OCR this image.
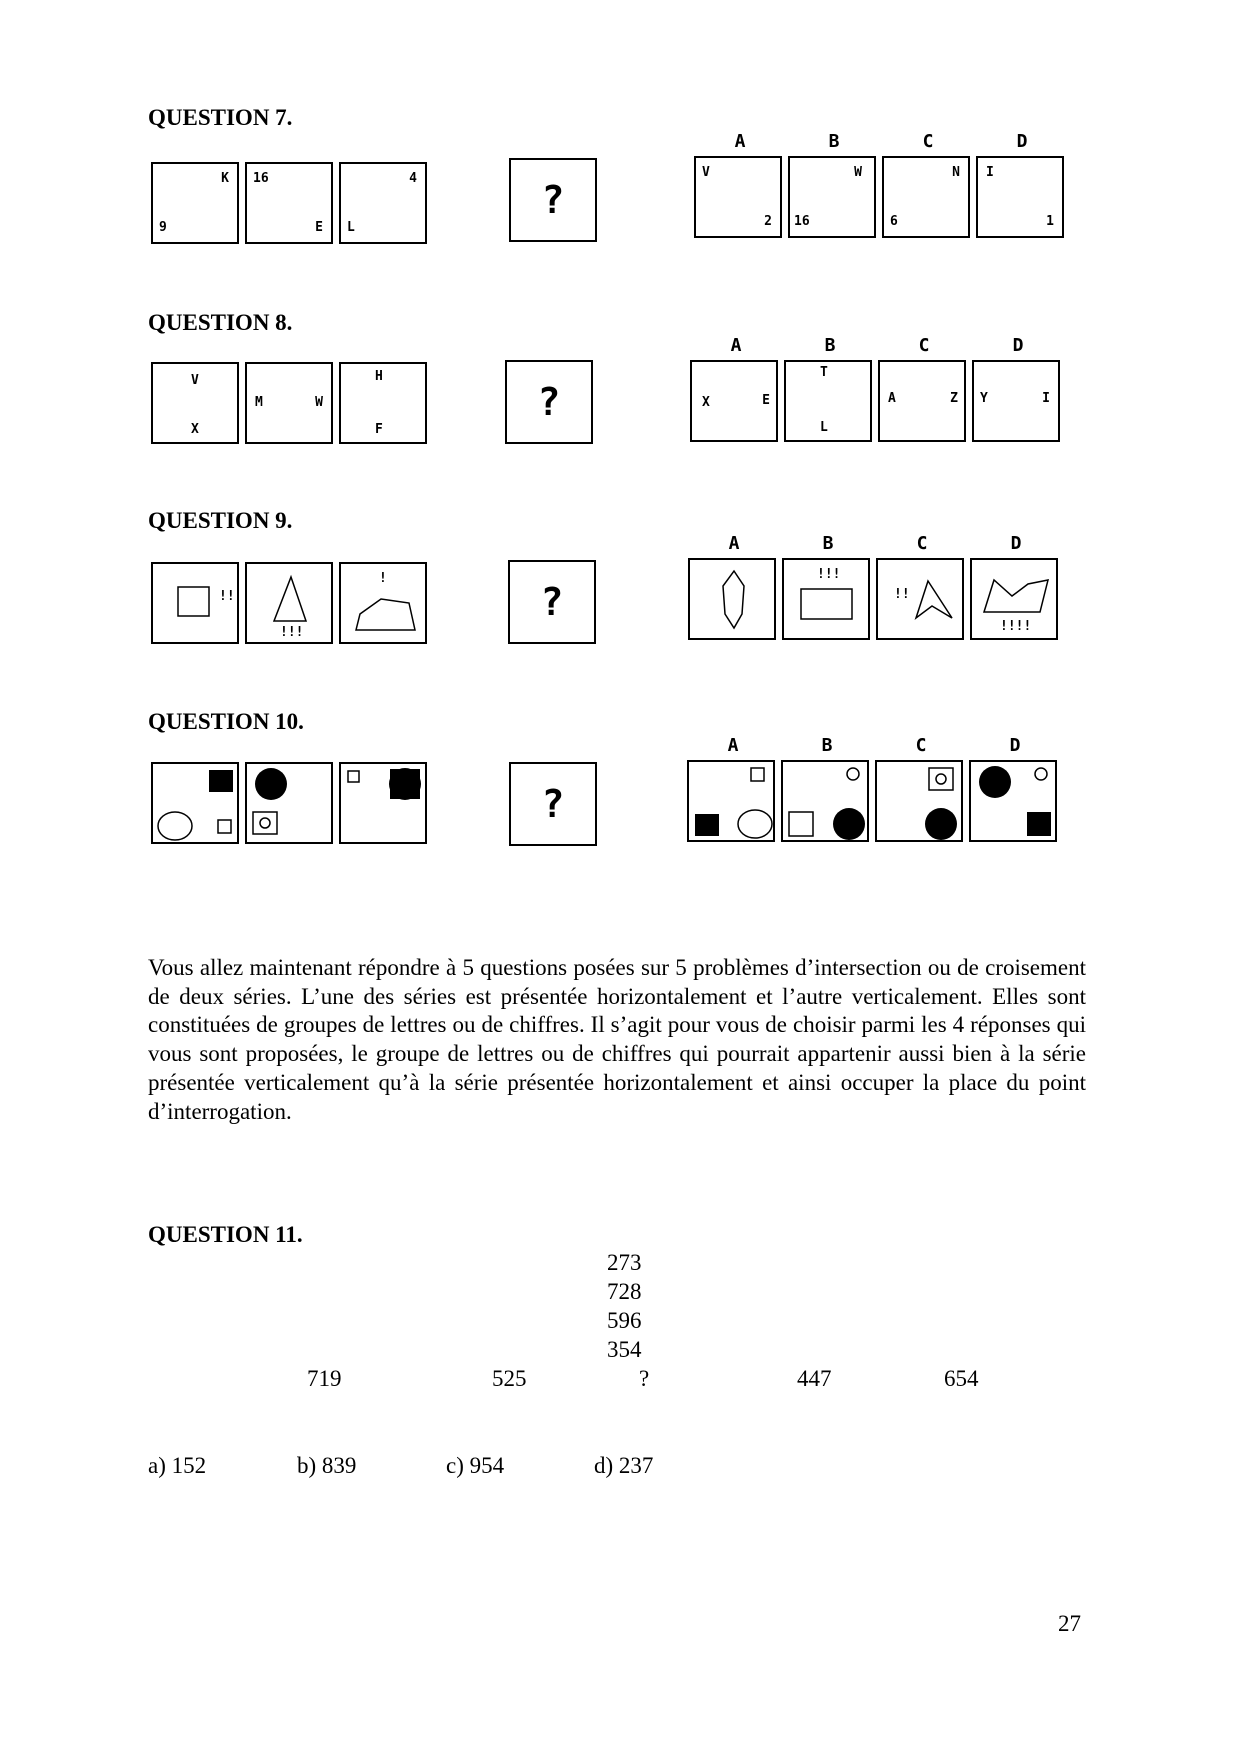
QUESTION 7.
K
9
16
E
4
L
?
A
V
2
B
W
16
C
N
6
D
I
1
QUESTION 8.
V
X
M	W
H
F
?
A
X	E
B
T
L
C
A	Z
D
Y	I
QUESTION 9.
!!
!!!
!
?
A	B
!!!
C
!!
D
!!!!
QUESTION 10.
?
A	B	C	D
Vous allez maintenant répondre à 5 questions posées sur 5 problèmes d’intersection ou de croisement de deux séries. L’une des séries est présentée horizontalement et l’autre verticalement. Elles sont constituées de groupes de lettres ou de chiffres. Il s’agit pour vous de choisir parmi les 4 réponses qui vous sont proposées, le groupe de lettres ou de chiffres qui pourrait appartenir aussi bien à la série présentée verticalement qu’à la série présentée horizontalement et ainsi occuper la place du point d’interrogation.
QUESTION 11.
273
728
596
354
719	525	?	447	654
a) 152	b) 839	c) 954	d) 237
27
